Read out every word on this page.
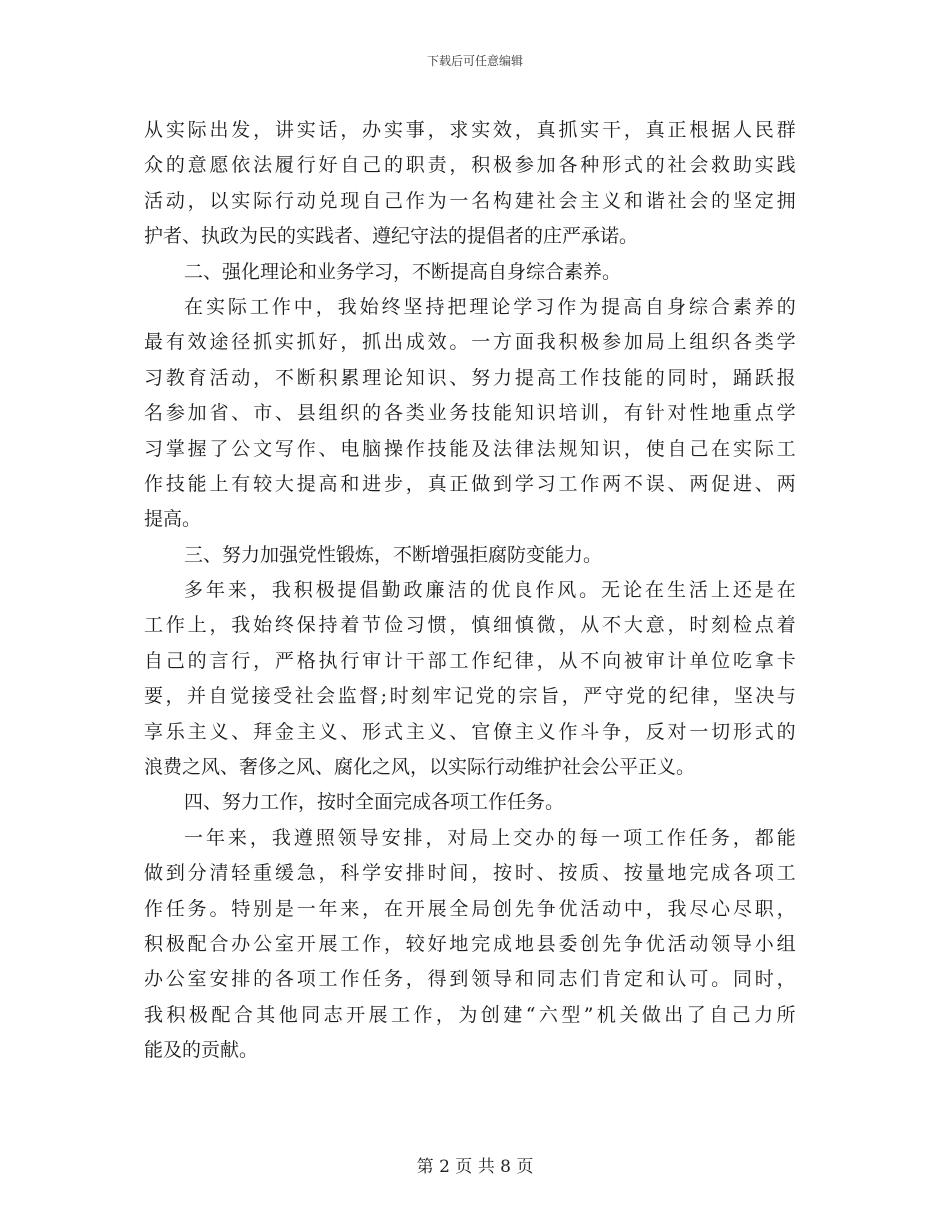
下载后可任意编辑
从 实 际 出 发 ， 讲 实 话 ， 办 实 事 ， 求 实 效 ， 真 抓 实 干 ， 真 正 根 据 人 民 群
众 的 意 愿 依 法 履 行 好 自 己 的 职 责 ， 积 极 参 加 各 种 形 式 的 社 会 救 助 实 践
活 动 ， 以 实 际 行 动 兑 现 自 己 作 为 一 名 构 建 社 会 主 义 和 谐 社 会 的 坚 定 拥
护者、执政为民的实践者、遵纪守法的提倡者的庄严承诺。
二、强化理论和业务学习，不断提高自身综合素养。
在 实 际 工 作 中 ， 我 始 终 坚 持 把 理 论 学 习 作 为 提 高 自 身 综 合 素 养 的
最 有 效 途 径 抓 实 抓 好 ， 抓 出 成 效 。 一 方 面 我 积 极 参 加 局 上 组 织 各 类 学
习 教 育 活 动 ， 不 断 积 累 理 论 知 识 、 努 力 提 高 工 作 技 能 的 同 时 ， 踊 跃 报
名 参 加 省 、 市 、 县 组 织 的 各 类 业 务 技 能 知 识 培 训 ， 有 针 对 性 地 重 点 学
习 掌 握 了 公 文 写 作 、 电 脑 操 作 技 能 及 法 律 法 规 知 识 ， 使 自 己 在 实 际 工
作 技 能 上 有 较 大 提 高 和 进 步 ， 真 正 做 到 学 习 工 作 两 不 误 、 两 促 进 、 两
提高。
三、努力加强党性锻炼，不断增强拒腐防变能力。
多 年 来 ， 我 积 极 提 倡 勤 政 廉 洁 的 优 良 作 风 。 无 论 在 生 活 上 还 是 在
工 作 上 ， 我 始 终 保 持 着 节 俭 习 惯 ， 慎 细 慎 微 ， 从 不 大 意 ， 时 刻 检 点 着
自 己 的 言 行 ， 严 格 执 行 审 计 干 部 工 作 纪 律 ， 从 不 向 被 审 计 单 位 吃 拿 卡
要 ， 并 自 觉 接 受 社 会 监 督 ; 时 刻 牢 记 党 的 宗 旨 ， 严 守 党 的 纪 律 ， 坚 决 与
享 乐 主 义 、 拜 金 主 义 、 形 式 主 义 、 官 僚 主 义 作 斗 争 ， 反 对 一 切 形 式 的
浪费之风、奢侈之风、腐化之风，以实际行动维护社会公平正义。
四、努力工作，按时全面完成各项工作任务。
一 年 来 ， 我 遵 照 领 导 安 排 ， 对 局 上 交 办 的 每 一 项 工 作 任 务 ， 都 能
做 到 分 清 轻 重 缓 急 ， 科 学 安 排 时 间 ， 按 时 、 按 质 、 按 量 地 完 成 各 项 工
作 任 务 。 特 别 是 一 年 来 ， 在 开 展 全 局 创 先 争 优 活 动 中 ， 我 尽 心 尽 职 ，
积 极 配 合 办 公 室 开 展 工 作 ， 较 好 地 完 成 地 县 委 创 先 争 优 活 动 领 导 小 组
办 公 室 安 排 的 各 项 工 作 任 务 ， 得 到 领 导 和 同 志 们 肯 定 和 认 可 。 同 时 ，
我 积 极 配 合 其 他 同 志 开 展 工 作 ， 为 创 建 “ 六 型 ” 机 关 做 出 了 自 己 力 所
能及的贡献。
第 2 页 共 8 页
